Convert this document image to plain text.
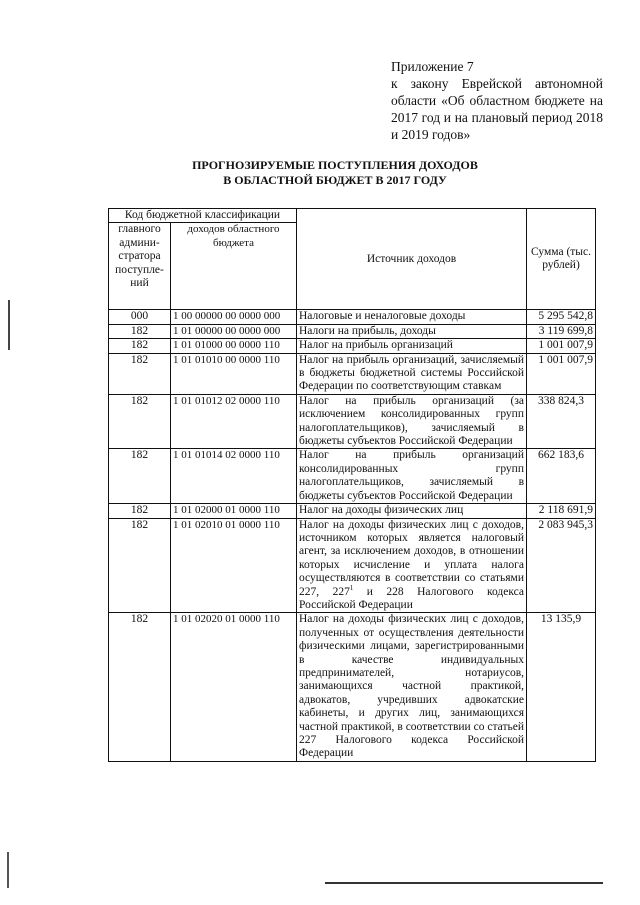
Приложение 7
к закону Еврейской автономной области «Об областном бюджете на 2017 год и на плановый период 2018 и 2019 годов»
ПРОГНОЗИРУЕМЫЕ ПОСТУПЛЕНИЯ ДОХОДОВ
В ОБЛАСТНОЙ БЮДЖЕТ В 2017 ГОДУ
Код бюджетной классификации		Источник доходов	Сумма (тыс. рублей)
главного админи-стратора поступле-ний	доходов областного бюджета		
000	1 00 00000 00 0000 000	Налоговые и неналоговые доходы	5 295 542,8
182	1 01 00000 00 0000 000	Налоги на прибыль, доходы	3 119 699,8
182	1 01 01000 00 0000 110	Налог на прибыль организаций	1 001 007,9
182	1 01 01010 00 0000 110	Налог на прибыль организаций, зачисляемый в бюджеты бюджетной системы Российской Федерации по соответствующим ставкам	1 001 007,9
182	1 01 01012 02 0000 110	Налог на прибыль организаций (за исключением консолидированных групп налогоплательщиков), зачисляемый в бюджеты субъектов Российской Федерации	338 824,3
182	1 01 01014 02 0000 110	Налог на прибыль организаций консолидированных групп налогоплательщиков, зачисляемый в бюджеты субъектов Российской Федерации	662 183,6
182	1 01 02000 01 0000 110	Налог на доходы физических лиц	2 118 691,9
182	1 01 02010 01 0000 110	Налог на доходы физических лиц с доходов, источником которых является налоговый агент, за исключением доходов, в отношении которых исчисление и уплата налога осуществляются в соответствии со статьями 227, $227^1$ и 228 Налогового кодекса Российской Федерации	2 083 945,3
182	1 01 02020 01 0000 110	Налог на доходы физических лиц с доходов, полученных от осуществления деятельности физическими лицами, зарегистрированными в качестве индивидуальных предпринимателей, нотариусов, занимающихся частной практикой, адвокатов, учредивших адвокатские кабинеты, и других лиц, занимающихся частной практикой, в соответствии со статьей 227 Налогового кодекса Российской Федерации	13 135,9
